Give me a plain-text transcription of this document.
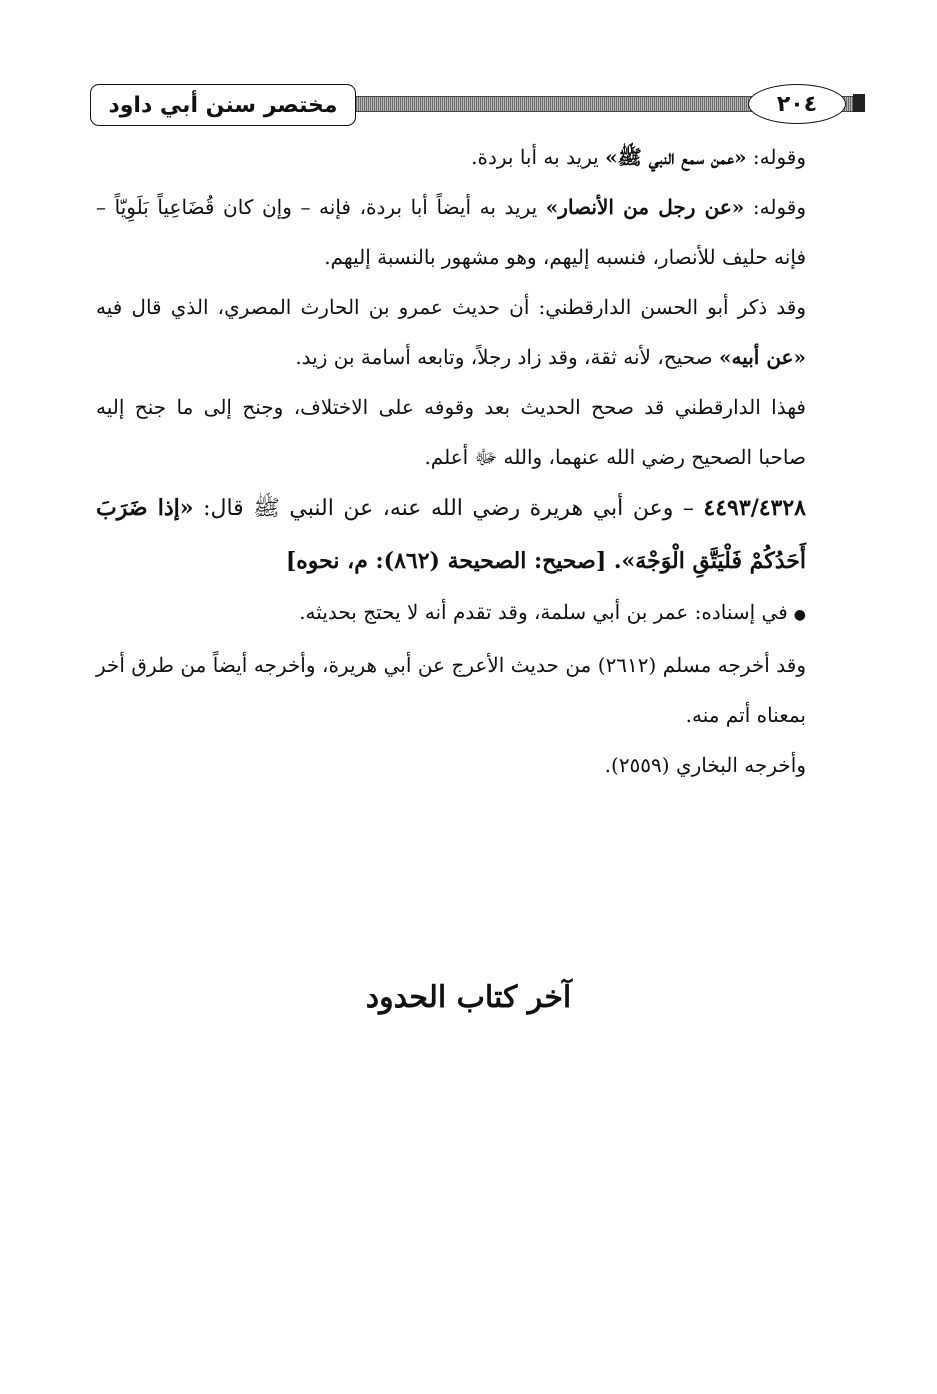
مختصر سنن أبي داود	٢٠٤

وقوله: «عمن سمع النبي ﷺ» يريد به أبا بردة.

وقوله: «عن رجل من الأنصار» يريد به أيضاً أبا بردة، فإنه – وإن كان قُضَاعِياً بَلَوِيّاً – فإنه حليف للأنصار، فنسبه إليهم، وهو مشهور بالنسبة إليهم.

وقد ذكر أبو الحسن الدارقطني: أن حديث عمرو بن الحارث المصري، الذي قال فيه «عن أبيه» صحيح، لأنه ثقة، وقد زاد رجلاً، وتابعه أسامة بن زيد.

فهذا الدارقطني قد صحح الحديث بعد وقوفه على الاختلاف، وجنح إلى ما جنح إليه صاحبا الصحيح رضي الله عنهما، والله ﷻ أعلم.

٤٤٩٣/٤٣٢٨ – وعن أبي هريرة رضي الله عنه، عن النبي ﷺ قال: «إذا ضَرَبَ أَحَدُكُمْ فَلْيَتَّقِ الْوَجْهَ». [صحيح: الصحيحة (٨٦٢): م، نحوه]

●في إسناده: عمر بن أبي سلمة، وقد تقدم أنه لا يحتج بحديثه.

وقد أخرجه مسلم (٢٦١٢) من حديث الأعرج عن أبي هريرة، وأخرجه أيضاً من طرق أخر بمعناه أتم منه.

وأخرجه البخاري (٢٥٥٩).

آخر كتاب الحدود
